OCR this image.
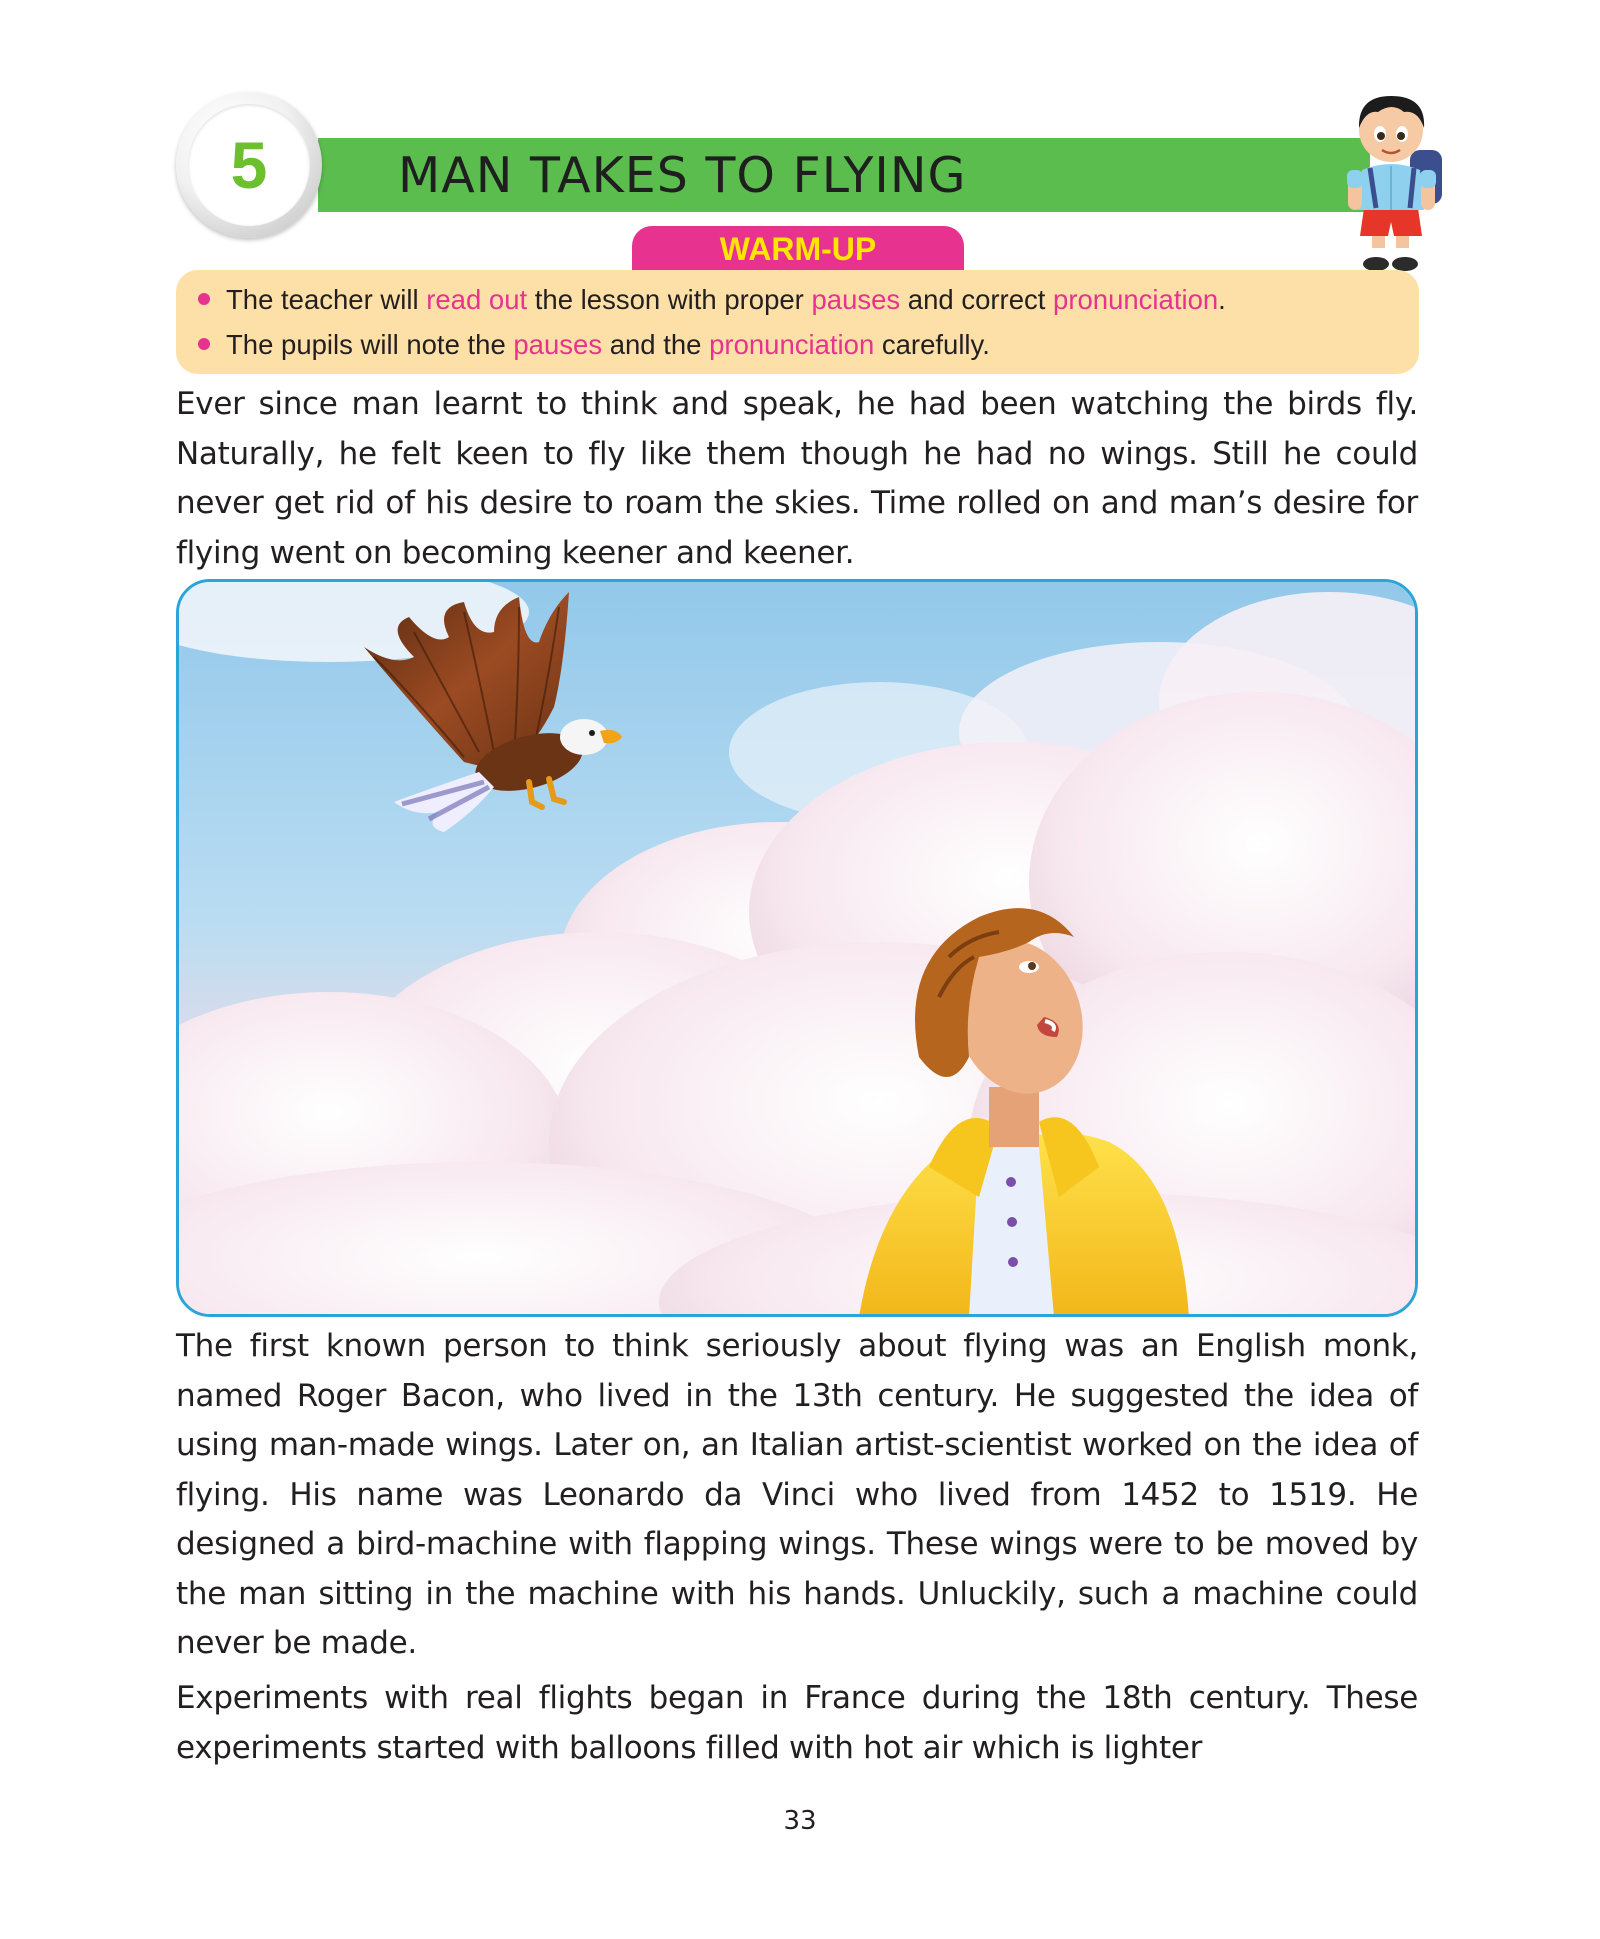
MAN TAKES TO FLYING
5
WARM-UP
The teacher will read out the lesson with proper pauses and correct pronunciation.
The pupils will note the pauses and the pronunciation carefully.

Ever since man learnt to think and speak, he had been watching the birds fly. Naturally, he felt keen to fly like them though he had no wings. Still he could never get rid of his desire to roam the skies. Time rolled on and man’s desire for flying went on becoming keener and keener.

The first known person to think seriously about flying was an English monk, named Roger Bacon, who lived in the 13th century. He suggested the idea of using man-made wings. Later on, an Italian artist-scientist worked on the idea of flying. His name was Leonardo da Vinci who lived from 1452 to 1519. He designed a bird-machine with flapping wings. These wings were to be moved by the man sitting in the machine with his hands. Unluckily, such a machine could never be made.

Experiments with real flights began in France during the 18th century. These experiments started with balloons filled with hot air which is lighter

33
